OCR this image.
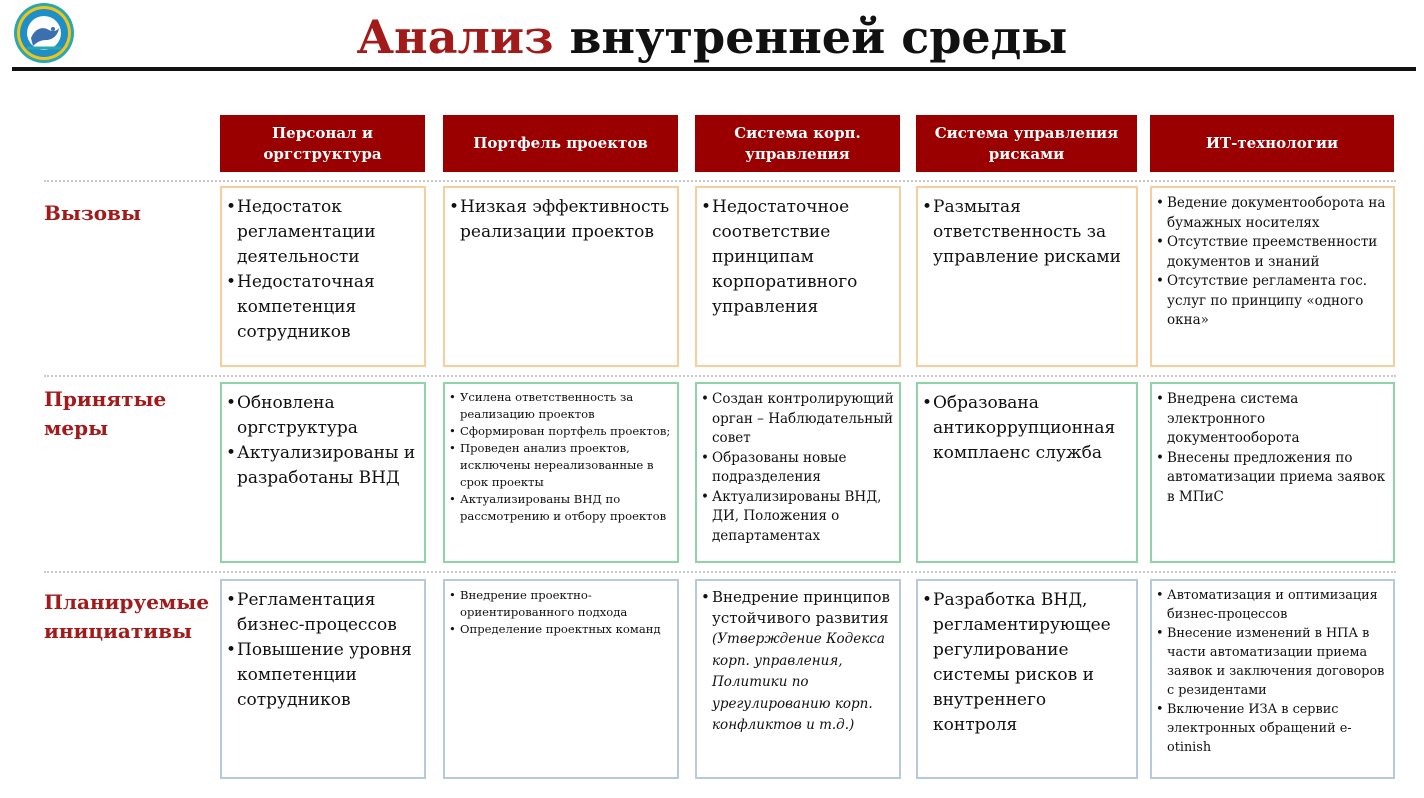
Анализ внутренней среды
Персонал и оргструктура
Портфель проектов
Система корп. управления
Система управления рисками
ИТ-технологии
Вызовы
Принятые меры
Планируемые инициативы
• Недостаток регламентации деятельности
• Недостаточная компетенция сотрудников
• Низкая эффективность реализации проектов
• Недостаточное соответствие принципам корпоративного управления
• Размытая ответственность за управление рисками
• Ведение документооборота на бумажных носителях
• Отсутствие преемственности документов и знаний
• Отсутствие регламента гос. услуг по принципу «одного окна»
• Обновлена оргструктура
• Актуализированы и разработаны ВНД
• Усилена ответственность за реализацию проектов
• Сформирован портфель проектов;
• Проведен анализ проектов, исключены нереализованные в срок проекты
• Актуализированы ВНД по рассмотрению и отбору проектов
• Создан контролирующий орган – Наблюдательный совет
• Образованы новые подразделения
• Актуализированы ВНД, ДИ, Положения о департаментах
• Образована антикоррупционная комплаенс служба
• Внедрена система электронного документооборота
• Внесены предложения по автоматизации приема заявок в МПиС
• Регламентация бизнес-процессов
• Повышение уровня компетенции сотрудников
• Внедрение проектно-ориентированного подхода
• Определение проектных команд
• Внедрение принципов устойчивого развития
(Утверждение Кодекса корп. управления, Политики по урегулированию корп. конфликтов и т.д.)
• Разработка ВНД, регламентирующее регулирование системы рисков и внутреннего контроля
• Автоматизация и оптимизация бизнес-процессов
• Внесение изменений в НПА в части автоматизации приема заявок и заключения договоров с резидентами
• Включение ИЗА в сервис электронных обращений e-otinish
